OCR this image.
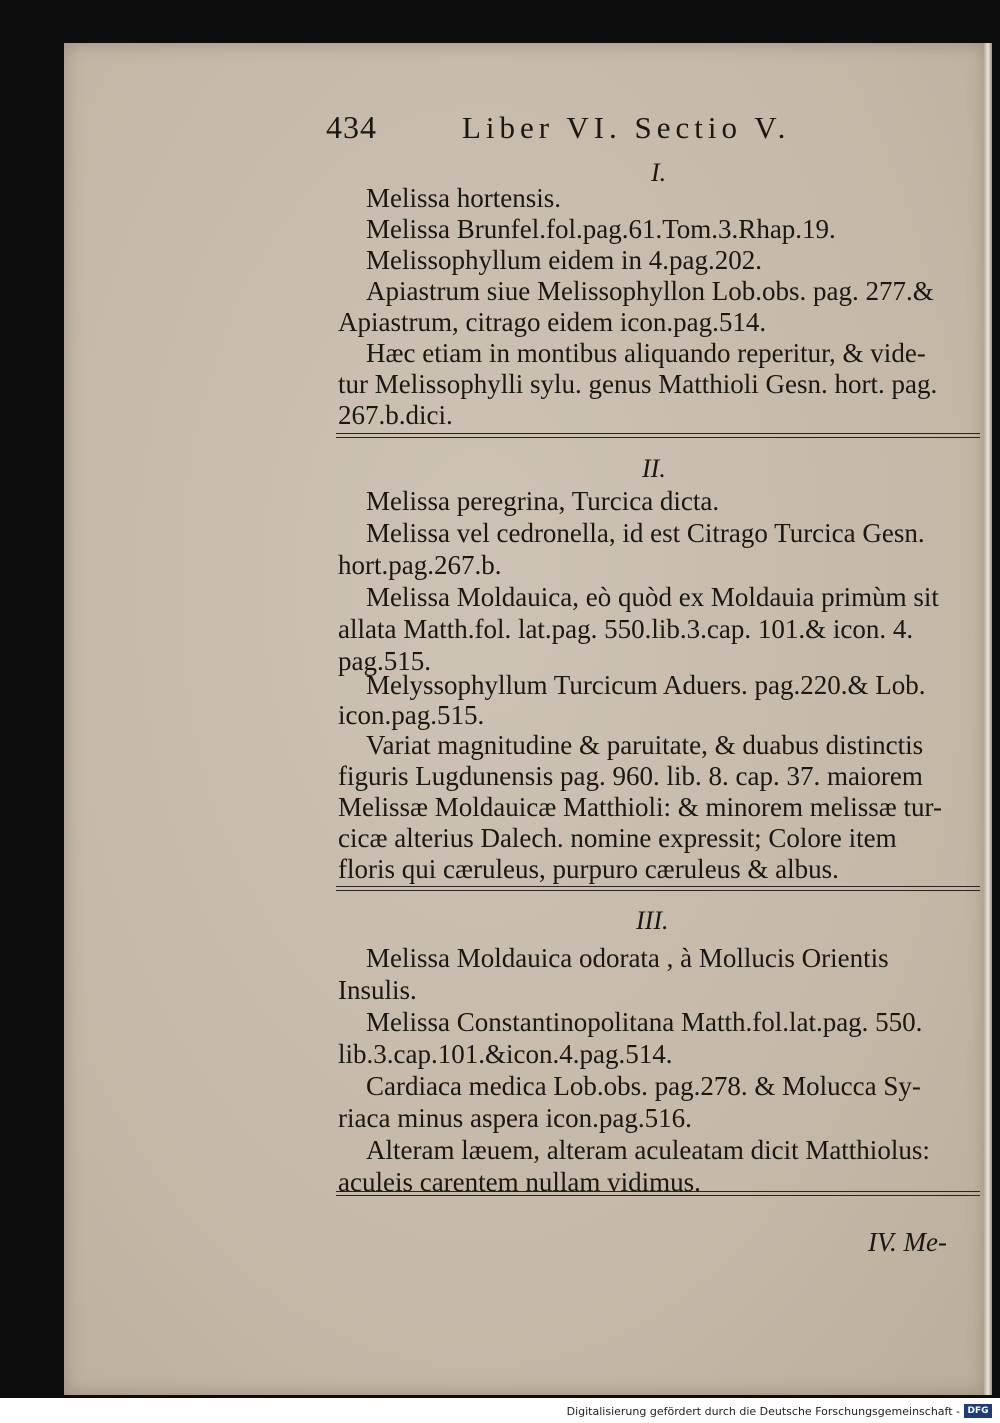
434	Liber VI. Sectio V.
I.
Melissa hortensis.
Melissa Brunfel.fol.pag.61.Tom.3.Rhap.19.
Melissophyllum eidem in 4.pag.202.
Apiastrum siue Melissophyllon Lob.obs. pag. 277.&
Apiastrum, citrago eidem icon.pag.514.
Hæc etiam in montibus aliquando reperitur, & vide-
tur Melissophylli sylu. genus Matthioli Gesn. hort. pag.
267.b.dici.
II.
Melissa peregrina, Turcica dicta.
Melissa vel cedronella, id est Citrago Turcica Gesn.
hort.pag.267.b.
Melissa Moldauica, eò quòd ex Moldauia primùm sit
allata Matth.fol. lat.pag. 550.lib.3.cap. 101.& icon. 4.
pag.515.
Melyssophyllum Turcicum Aduers. pag.220.& Lob.
icon.pag.515.
Variat magnitudine & paruitate, & duabus distinctis
figuris Lugdunensis pag. 960. lib. 8. cap. 37. maiorem
Melissæ Moldauicæ Matthioli: & minorem melissæ tur-
cicæ alterius Dalech. nomine expressit; Colore item
floris qui cæruleus, purpuro cæruleus & albus.
III.
Melissa Moldauica odorata , à Mollucis Orientis
Insulis.
Melissa Constantinopolitana Matth.fol.lat.pag. 550.
lib.3.cap.101.&icon.4.pag.514.
Cardiaca medica Lob.obs. pag.278. & Molucca Sy-
riaca minus aspera icon.pag.516.
Alteram læuem, alteram aculeatam dicit Matthiolus:
aculeis carentem nullam vidimus.
IV. Me-
Digitalisierung gefördert durch die Deutsche Forschungsgemeinschaft - DFG
